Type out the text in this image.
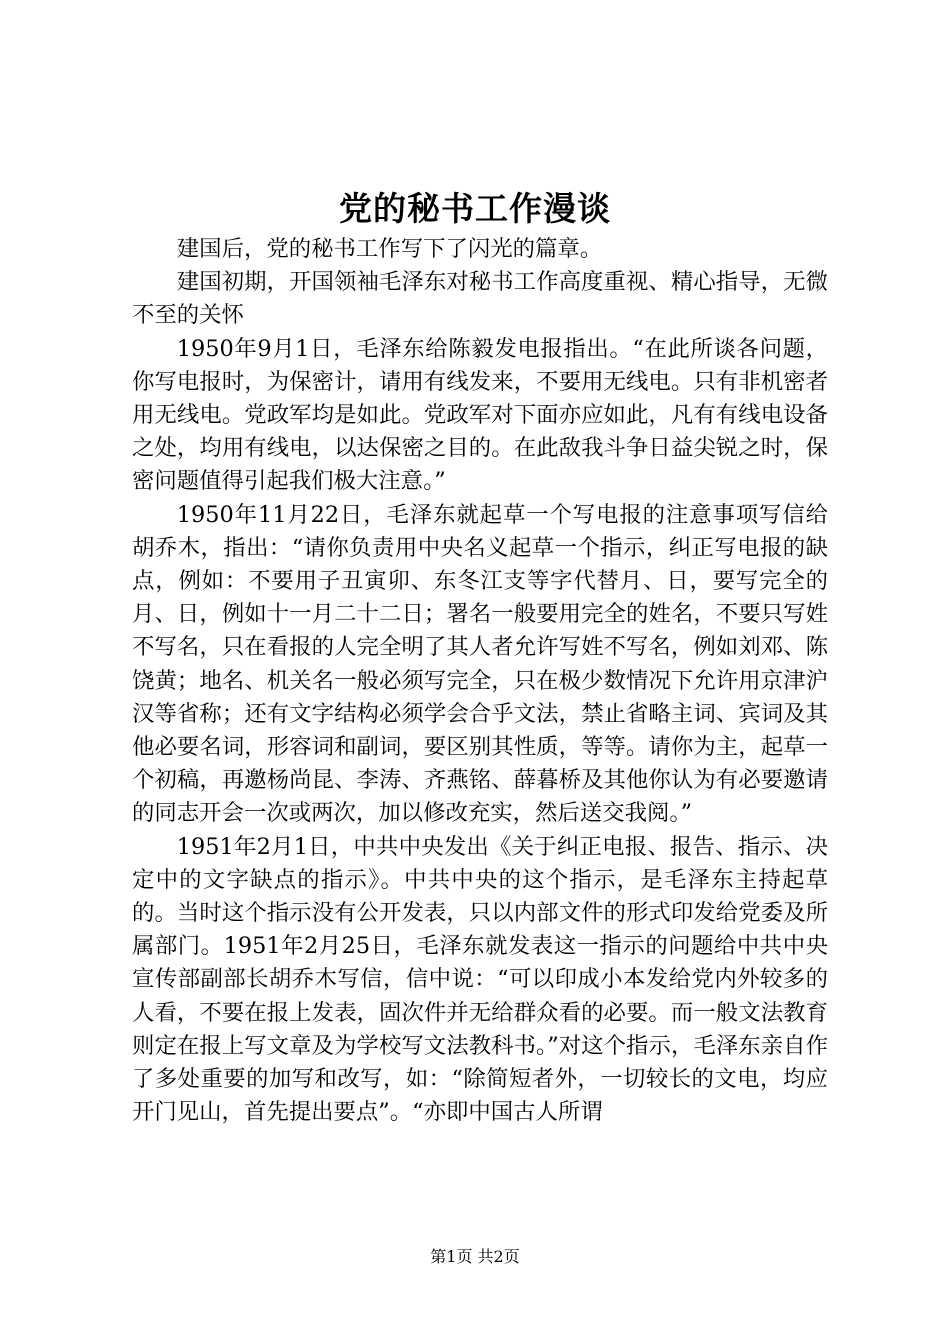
党的秘书工作漫谈

建国后，党的秘书工作写下了闪光的篇章。

建国初期，开国领袖毛泽东对秘书工作高度重视、精心指导，无微不至的关怀

1950年9月1日，毛泽东给陈毅发电报指出。“在此所谈各问题，你写电报时，为保密计，请用有线发来，不要用无线电。只有非机密者用无线电。党政军均是如此。党政军对下面亦应如此，凡有有线电设备之处，均用有线电，以达保密之目的。在此敌我斗争日益尖锐之时，保密问题值得引起我们极大注意。”

1950年11月22日，毛泽东就起草一个写电报的注意事项写信给胡乔木，指出：“请你负责用中央名义起草一个指示，纠正写电报的缺点，例如：不要用子丑寅卯、东冬江支等字代替月、日，要写完全的月、日，例如十一月二十二日；署名一般要用完全的姓名，不要只写姓不写名，只在看报的人完全明了其人者允许写姓不写名，例如刘邓、陈饶黄；地名、机关名一般必须写完全，只在极少数情况下允许用京津沪汉等省称；还有文字结构必须学会合乎文法，禁止省略主词、宾词及其他必要名词，形容词和副词，要区别其性质，等等。请你为主，起草一个初稿，再邀杨尚昆、李涛、齐燕铭、薛暮桥及其他你认为有必要邀请的同志开会一次或两次，加以修改充实，然后送交我阅。”

1951年2月1日，中共中央发出《关于纠正电报、报告、指示、决定中的文字缺点的指示》。中共中央的这个指示，是毛泽东主持起草的。当时这个指示没有公开发表，只以内部文件的形式印发给党委及所属部门。1951年2月25日，毛泽东就发表这一指示的问题给中共中央宣传部副部长胡乔木写信，信中说：“可以印成小本发给党内外较多的人看，不要在报上发表，固次件并无给群众看的必要。而一般文法教育则定在报上写文章及为学校写文法教科书。”对这个指示，毛泽东亲自作了多处重要的加写和改写，如：“除简短者外，一切较长的文电，均应开门见山，首先提出要点”。“亦即中国古人所谓

第1页 共2页
